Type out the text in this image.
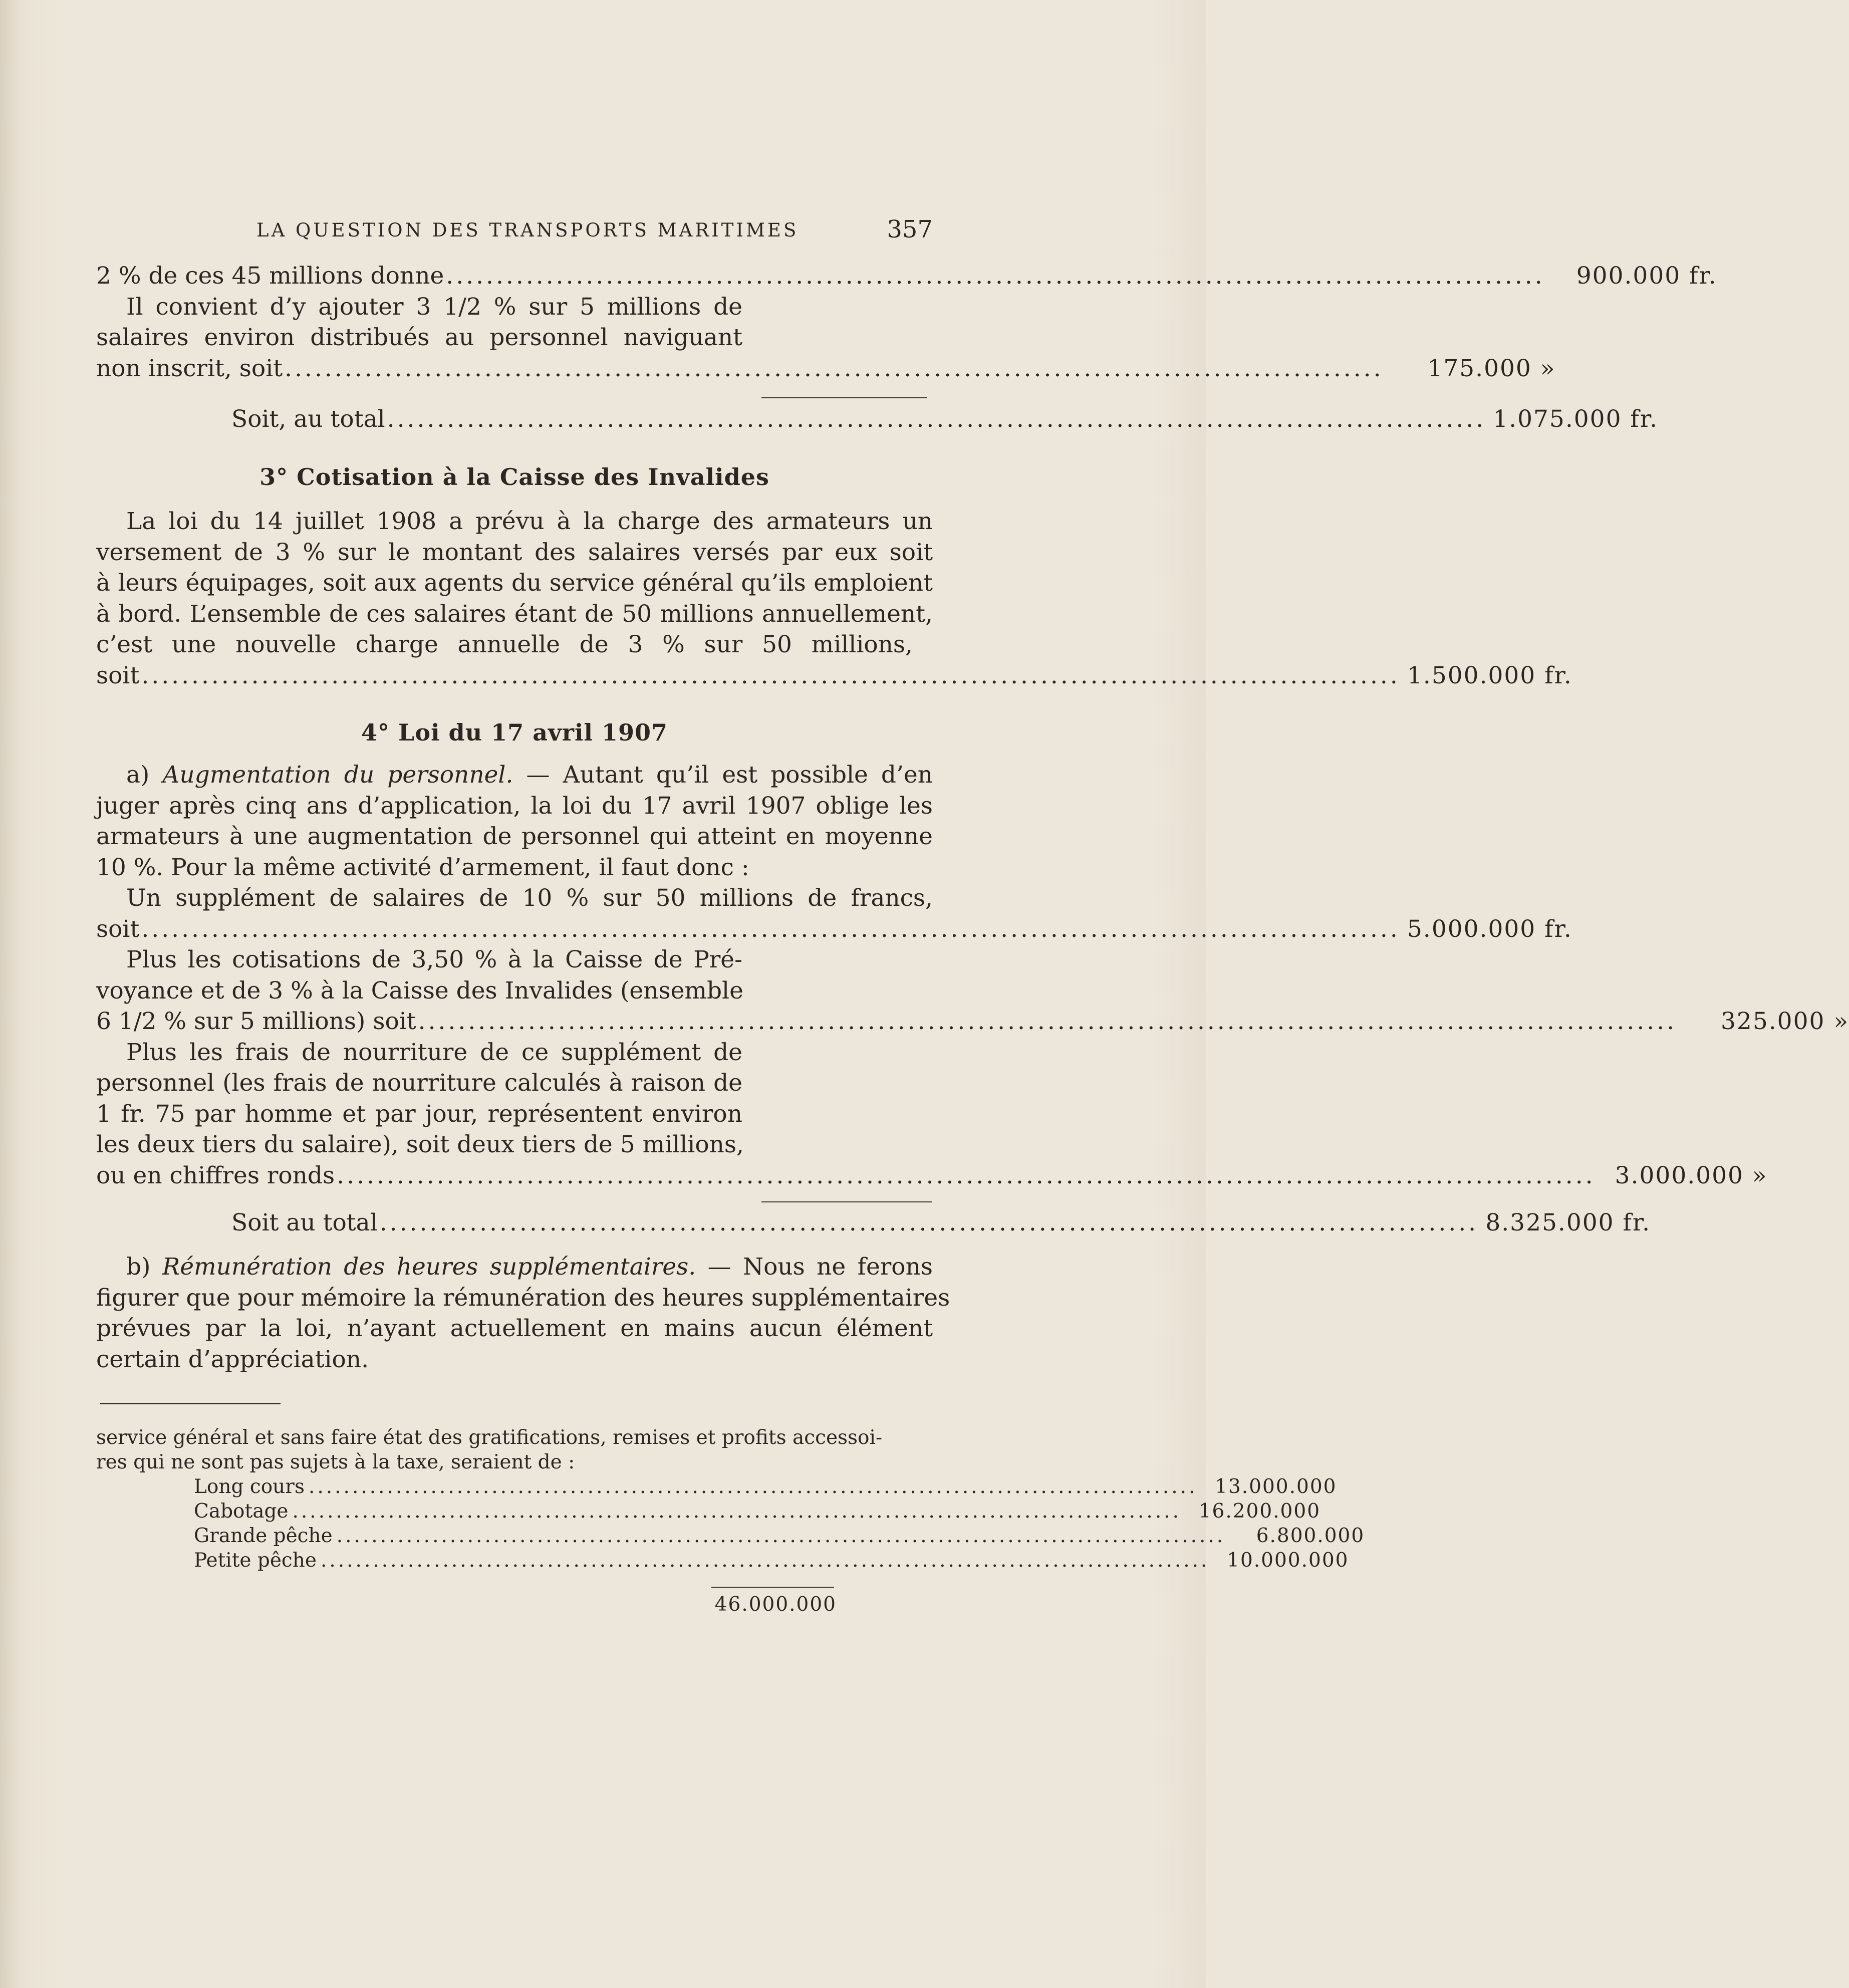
LA QUESTION DES TRANSPORTS MARITIMES	357
2 % de ces 45 millions donne ..............................................................................................................	900.000 fr.
Il convient d’y ajouter 3 1/2 % sur 5 millions de
salaires environ distribués au personnel naviguant
non inscrit, soit ..............................................................................................................	175.000 »
Soit, au total .............................................................................................................. 1.075.000 fr.
3° Cotisation à la Caisse des Invalides
La loi du 14 juillet 1908 a prévu à la charge des armateurs un
versement de 3 % sur le montant des salaires versés par eux soit
à leurs équipages, soit aux agents du service général qu’ils emploient
à bord. L’ensemble de ces salaires étant de 50 millions annuellement,
c’est une nouvelle charge annuelle de 3 % sur 50 millions,
soit .............................................................................................................................. 1.500.000 fr.
4° Loi du 17 avril 1907
a) Augmentation du personnel. — Autant qu’il est possible d’en
juger après cinq ans d’application, la loi du 17 avril 1907 oblige les
armateurs à une augmentation de personnel qui atteint en moyenne
10 %. Pour la même activité d’armement, il faut donc :
Un supplément de salaires de 10 % sur 50 millions de francs,
soit .............................................................................................................................. 5.000.000 fr.
Plus les cotisations de 3,50 % à la Caisse de Pré-
voyance et de 3 % à la Caisse des Invalides (ensemble
6 1/2 % sur 5 millions) soit ..............................................................................................................................	325.000 »
Plus les frais de nourriture de ce supplément de
personnel (les frais de nourriture calculés à raison de
1 fr. 75 par homme et par jour, représentent environ
les deux tiers du salaire), soit deux tiers de 5 millions,
ou en chiffres ronds .............................................................................................................................. 3.000.000 »
Soit au total .............................................................................................................. 8.325.000 fr.
b) Rémunération des heures supplémentaires. — Nous ne ferons
figurer que pour mémoire la rémunération des heures supplémentaires
prévues par la loi, n’ayant actuellement en mains aucun élément
certain d’appréciation.
service général et sans faire état des gratifications, remises et profits accessoi-
res qui ne sont pas sujets à la taxe, seraient de :
Long cours ...................................................................................................... 13.000.000
Cabotage ...................................................................................................... 16.200.000
Grande pêche ......................................................................................................	6.800.000
Petite pêche ...................................................................................................... 10.000.000
46.000.000
